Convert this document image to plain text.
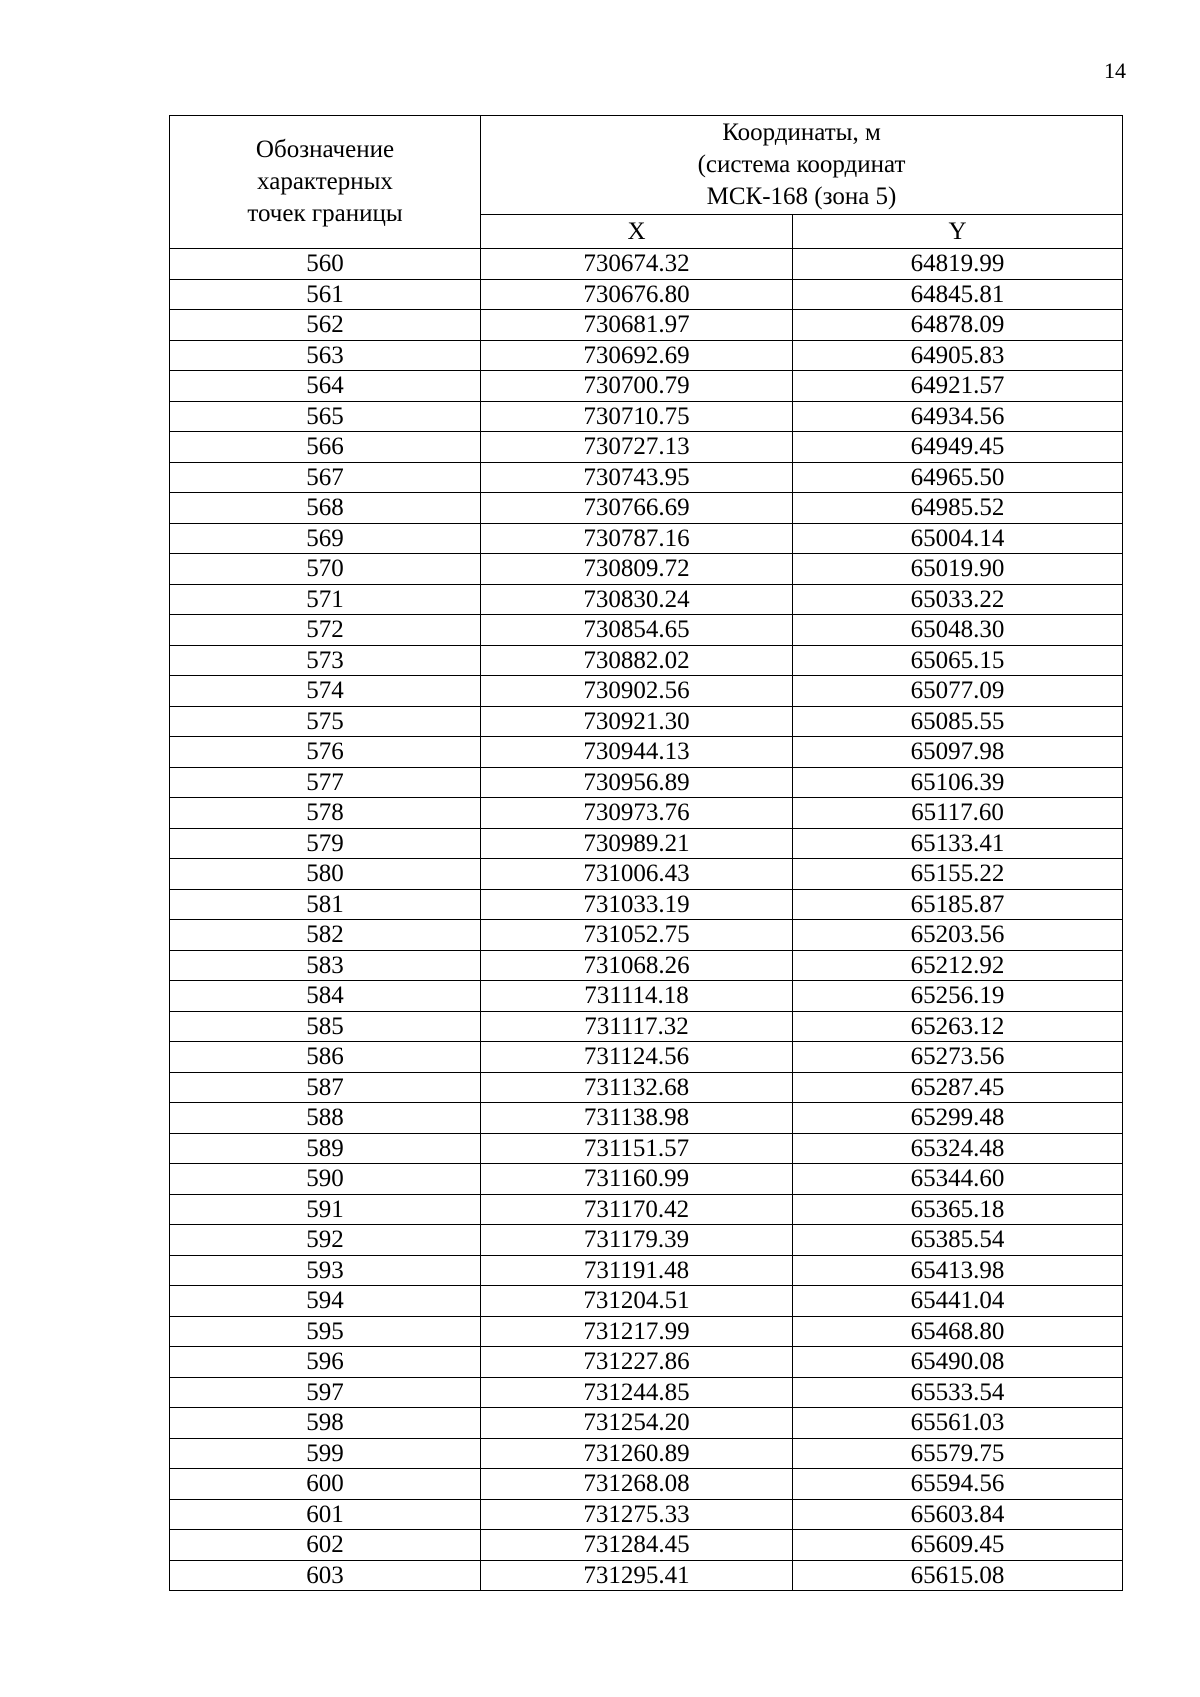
14
Обозначение
характерных
точек границы	Координаты, м
(система координат
МСК-168 (зона 5)	

	X	Y
560	730674.32	64819.99
561	730676.80	64845.81
562	730681.97	64878.09
563	730692.69	64905.83
564	730700.79	64921.57
565	730710.75	64934.56
566	730727.13	64949.45
567	730743.95	64965.50
568	730766.69	64985.52
569	730787.16	65004.14
570	730809.72	65019.90
571	730830.24	65033.22
572	730854.65	65048.30
573	730882.02	65065.15
574	730902.56	65077.09
575	730921.30	65085.55
576	730944.13	65097.98
577	730956.89	65106.39
578	730973.76	65117.60
579	730989.21	65133.41
580	731006.43	65155.22
581	731033.19	65185.87
582	731052.75	65203.56
583	731068.26	65212.92
584	731114.18	65256.19
585	731117.32	65263.12
586	731124.56	65273.56
587	731132.68	65287.45
588	731138.98	65299.48
589	731151.57	65324.48
590	731160.99	65344.60
591	731170.42	65365.18
592	731179.39	65385.54
593	731191.48	65413.98
594	731204.51	65441.04
595	731217.99	65468.80
596	731227.86	65490.08
597	731244.85	65533.54
598	731254.20	65561.03
599	731260.89	65579.75
600	731268.08	65594.56
601	731275.33	65603.84
602	731284.45	65609.45
603	731295.41	65615.08
